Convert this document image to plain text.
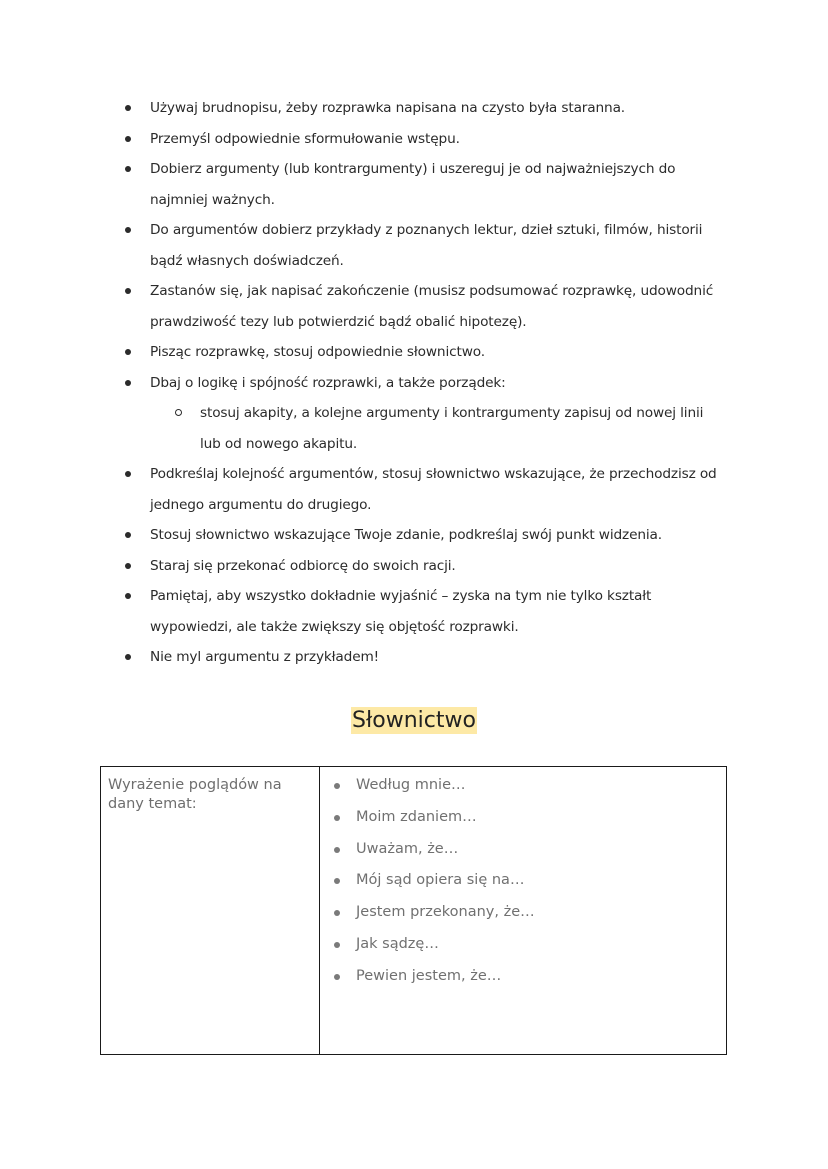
Używaj brudnopisu, żeby rozprawka napisana na czysto była staranna.
Przemyśl odpowiednie sformułowanie wstępu.
Dobierz argumenty (lub kontrargumenty) i uszereguj je od najważniejszych do najmniej ważnych.
Do argumentów dobierz przykłady z poznanych lektur, dzieł sztuki, filmów, historii bądź własnych doświadczeń.
Zastanów się, jak napisać zakończenie (musisz podsumować rozprawkę, udowodnić prawdziwość tezy lub potwierdzić bądź obalić hipotezę).
Pisząc rozprawkę, stosuj odpowiednie słownictwo.
Dbaj o logikę i spójność rozprawki, a także porządek:
stosuj akapity, a kolejne argumenty i kontrargumenty zapisuj od nowej linii lub od nowego akapitu.
Podkreślaj kolejność argumentów, stosuj słownictwo wskazujące, że przechodzisz od jednego argumentu do drugiego.
Stosuj słownictwo wskazujące Twoje zdanie, podkreślaj swój punkt widzenia.
Staraj się przekonać odbiorcę do swoich racji.
Pamiętaj, aby wszystko dokładnie wyjaśnić – zyska na tym nie tylko kształt wypowiedzi, ale także zwiększy się objętość rozprawki.
Nie myl argumentu z przykładem!
Słownictwo
Wyrażenie poglądów na dany temat:

Według mnie…
Moim zdaniem…
Uważam, że…
Mój sąd opiera się na…
Jestem przekonany, że…
Jak sądzę…
Pewien jestem, że…
